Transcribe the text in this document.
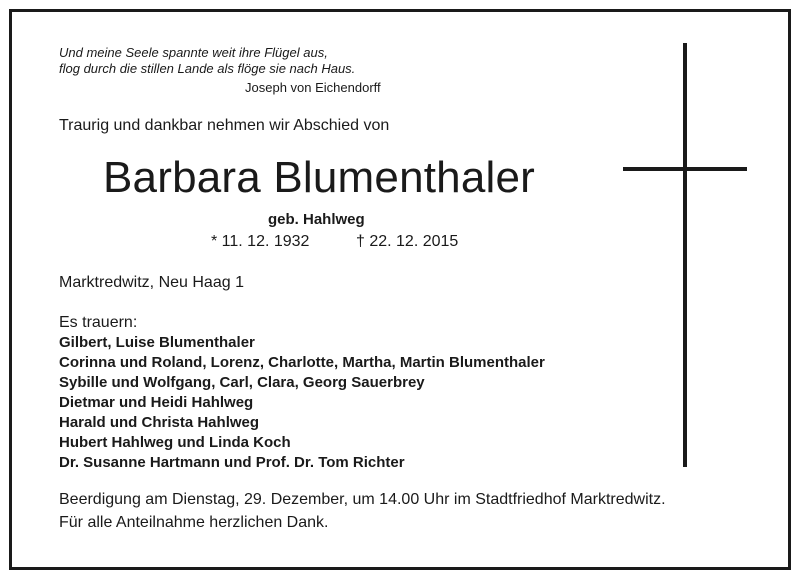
Und meine Seele spannte weit ihre Flügel aus,
flog durch die stillen Lande als flöge sie nach Haus.
Joseph von Eichendorff
Traurig und dankbar nehmen wir Abschied von
Barbara Blumenthaler
geb. Hahlweg
* 11. 12. 1932	† 22. 12. 2015
Marktredwitz, Neu Haag 1
Es trauern:
Gilbert, Luise Blumenthaler
Corinna und Roland, Lorenz, Charlotte, Martha, Martin Blumenthaler
Sybille und Wolfgang, Carl, Clara, Georg Sauerbrey
Dietmar und Heidi Hahlweg
Harald und Christa Hahlweg
Hubert Hahlweg und Linda Koch
Dr. Susanne Hartmann und Prof. Dr. Tom Richter
Beerdigung am Dienstag, 29. Dezember, um 14.00 Uhr im Stadtfriedhof Marktredwitz.
Für alle Anteilnahme herzlichen Dank.
